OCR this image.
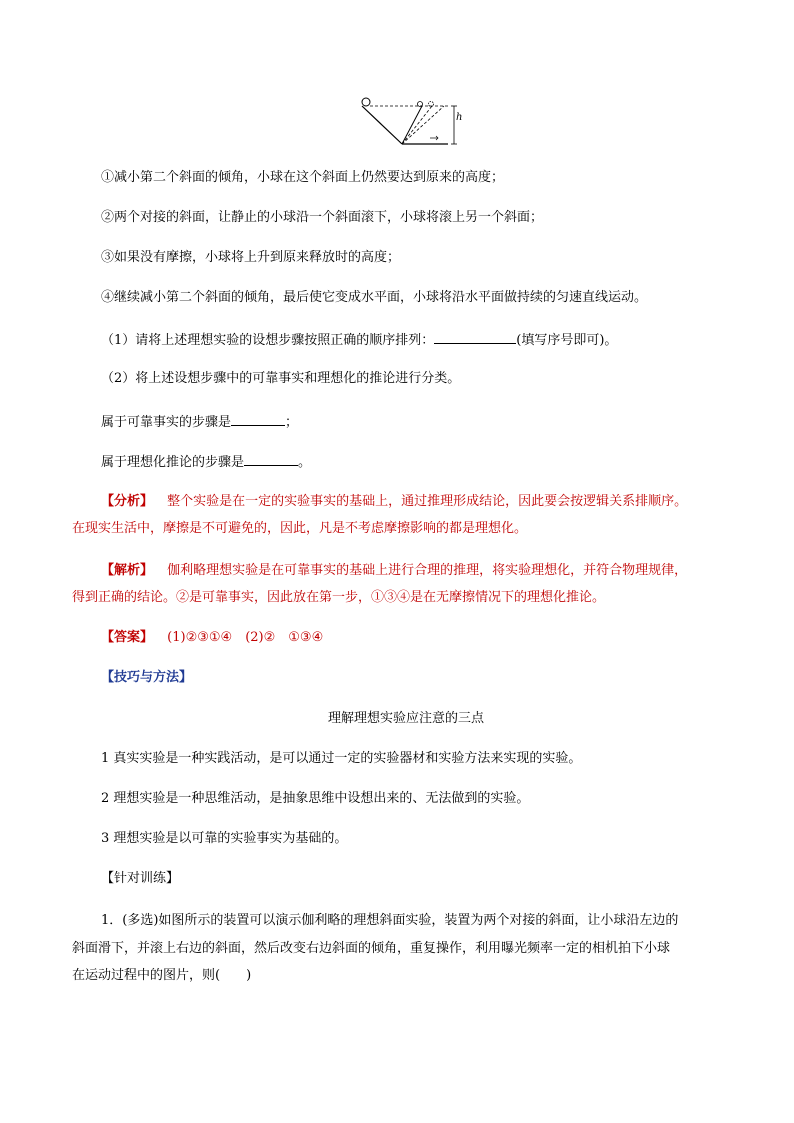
h
①减小第二个斜面的倾角，小球在这个斜面上仍然要达到原来的高度；
②两个对接的斜面，让静止的小球沿一个斜面滚下，小球将滚上另一个斜面；
③如果没有摩擦，小球将上升到原来释放时的高度；
④继续减小第二个斜面的倾角，最后使它变成水平面，小球将沿水平面做持续的匀速直线运动。
（1）请将上述理想实验的设想步骤按照正确的顺序排列：	(填写序号即可)。
（2）将上述设想步骤中的可靠事实和理想化的推论进行分类。
属于可靠事实的步骤是	；
属于理想化推论的步骤是	。
【分析】 整个实验是在一定的实验事实的基础上，通过推理形成结论，因此要会按逻辑关系排顺序。
在现实生活中，摩擦是不可避免的，因此，凡是不考虑摩擦影响的都是理想化。
【解析】 伽利略理想实验是在可靠事实的基础上进行合理的推理，将实验理想化，并符合物理规律，
得到正确的结论。②是可靠事实，因此放在第一步，①③④是在无摩擦情况下的理想化推论。
【答案】 (1)②③①④　(2)②　①③④
【技巧与方法】
理解理想实验应注意的三点
1 真实实验是一种实践活动，是可以通过一定的实验器材和实验方法来实现的实验。
2 理想实验是一种思维活动，是抽象思维中设想出来的、无法做到的实验。
3 理想实验是以可靠的实验事实为基础的。
【针对训练】
1．(多选)如图所示的装置可以演示伽利略的理想斜面实验，装置为两个对接的斜面，让小球沿左边的
斜面滑下，并滚上右边的斜面，然后改变右边斜面的倾角，重复操作，利用曝光频率一定的相机拍下小球
在运动过程中的图片，则(　　)
